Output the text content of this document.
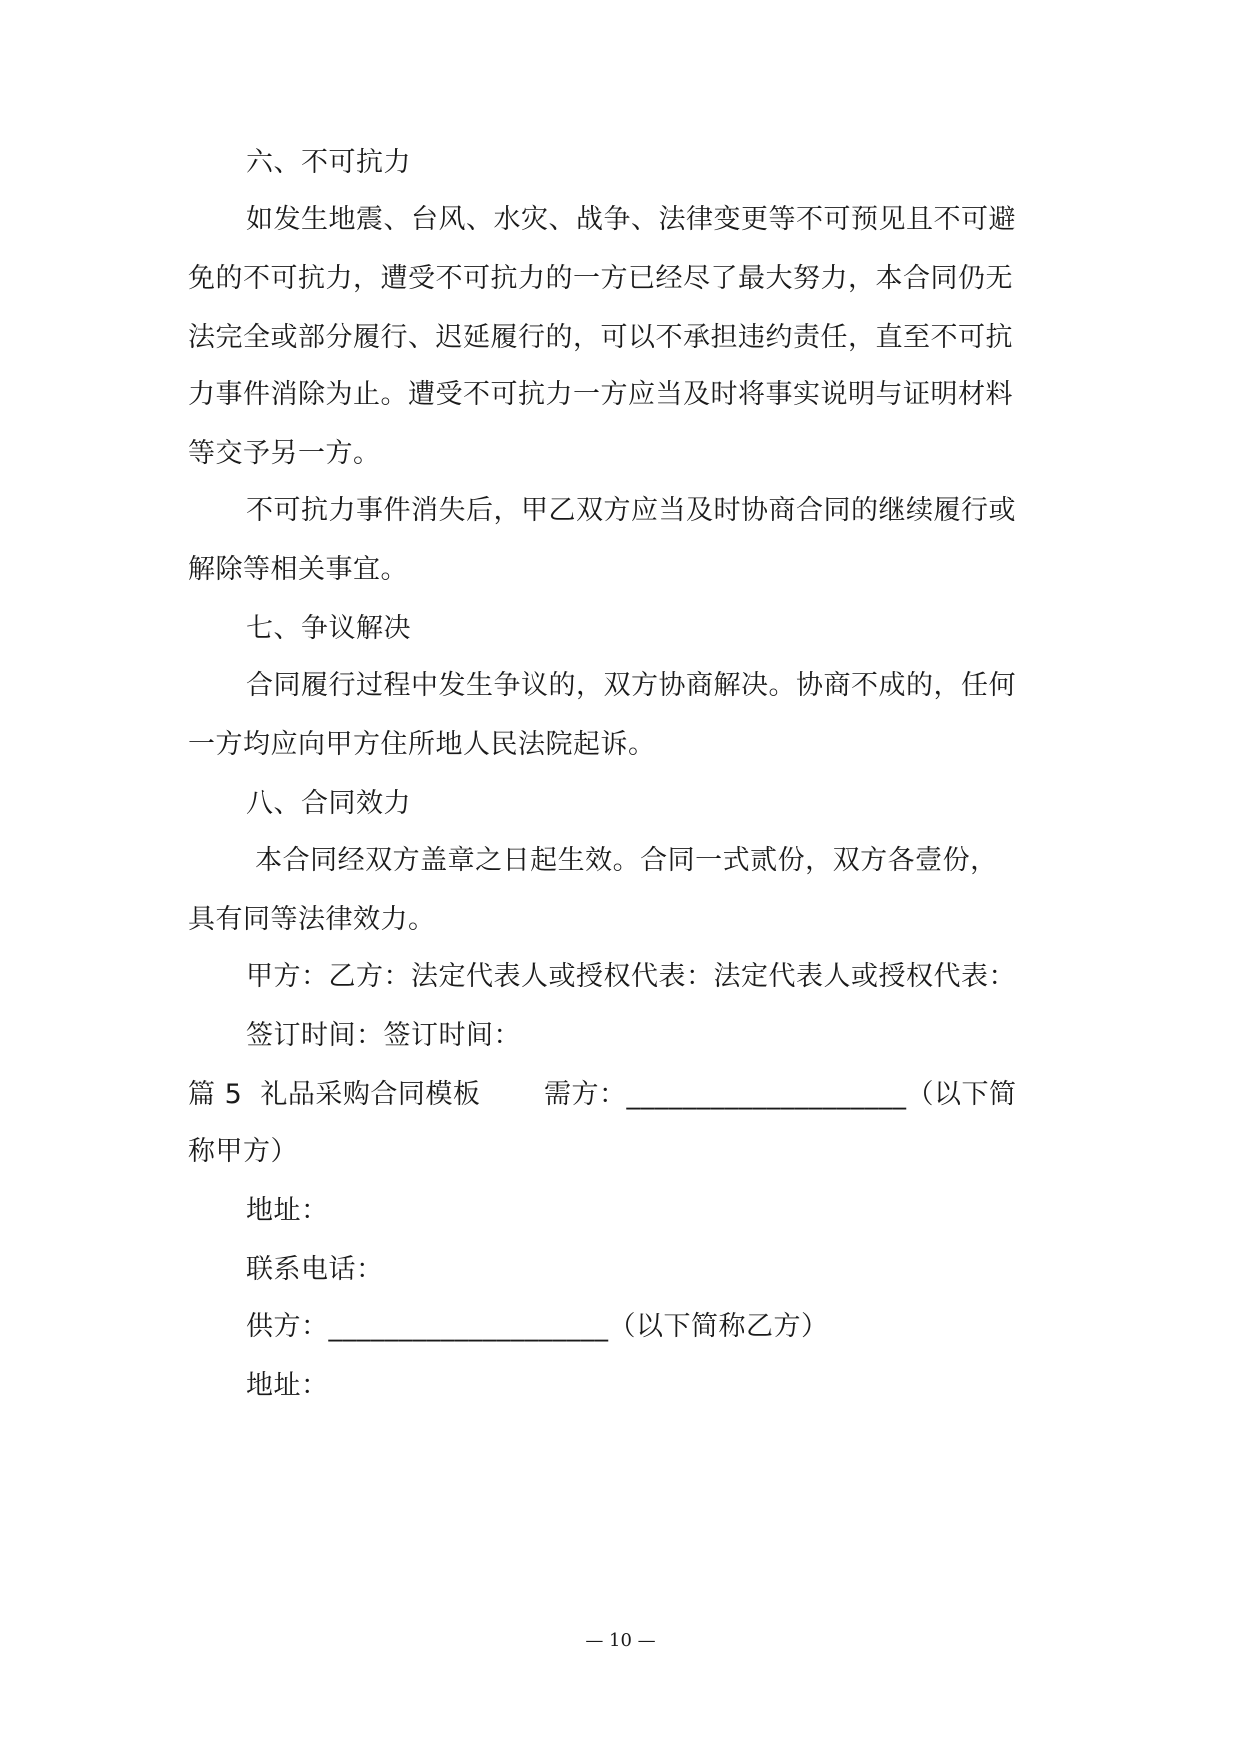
六、不可抗力
如发生地震、台风、水灾、战争、法律变更等不可预见且不可避
免的不可抗力，遭受不可抗力的一方已经尽了最大努力，本合同仍无
法完全或部分履行、迟延履行的，可以不承担违约责任，直至不可抗
力事件消除为止。遭受不可抗力一方应当及时将事实说明与证明材料
等交予另一方。
不可抗力事件消失后，甲乙双方应当及时协商合同的继续履行或
解除等相关事宜。
七、争议解决
合同履行过程中发生争议的，双方协商解决。协商不成的，任何
一方均应向甲方住所地人民法院起诉。
八、合同效力
本合同经双方盖章之日起生效。合同一式贰份，双方各壹份，
具有同等法律效力。
甲方：乙方：法定代表人或授权代表：法定代表人或授权代表：
签订时间：签订时间：
篇 5  礼品采购合同模板       需方：____________________（以下简
称甲方）
地址：
联系电话：
供方：____________________（以下简称乙方）
地址：
— 10 —
